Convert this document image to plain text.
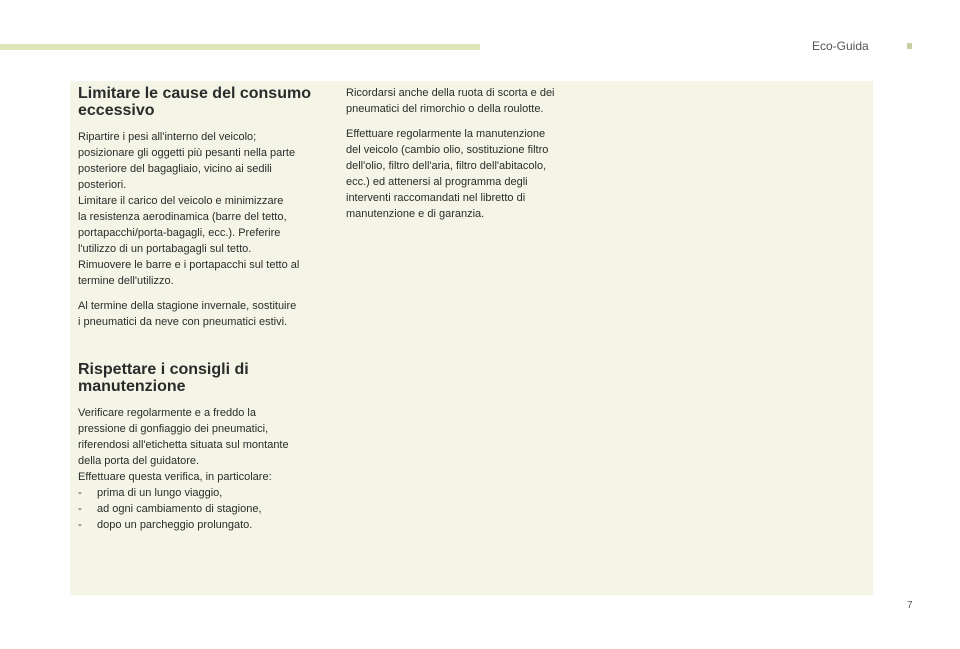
Eco-Guida
Limitare le cause del consumo eccessivo

Ripartire i pesi all'interno del veicolo;
posizionare gli oggetti più pesanti nella parte
posteriore del bagagliaio, vicino ai sedili
posteriori.
Limitare il carico del veicolo e minimizzare
la resistenza aerodinamica (barre del tetto,
portapacchi/porta-bagagli, ecc.). Preferire
l'utilizzo di un portabagagli sul tetto.
Rimuovere le barre e i portapacchi sul tetto al
termine dell'utilizzo.

Al termine della stagione invernale, sostituire
i pneumatici da neve con pneumatici estivi.

Rispettare i consigli di manutenzione

Verificare regolarmente e a freddo la
pressione di gonfiaggio dei pneumatici,
riferendosi all'etichetta situata sul montante
della porta del guidatore.
Effettuare questa verifica, in particolare:

- prima di un lungo viaggio,
- ad ogni cambiamento di stagione,
- dopo un parcheggio prolungato.

Ricordarsi anche della ruota di scorta e dei
pneumatici del rimorchio o della roulotte.

Effettuare regolarmente la manutenzione
del veicolo (cambio olio, sostituzione filtro
dell'olio, filtro dell'aria, filtro dell'abitacolo,
ecc.) ed attenersi al programma degli
interventi raccomandati nel libretto di
manutenzione e di garanzia.

7
